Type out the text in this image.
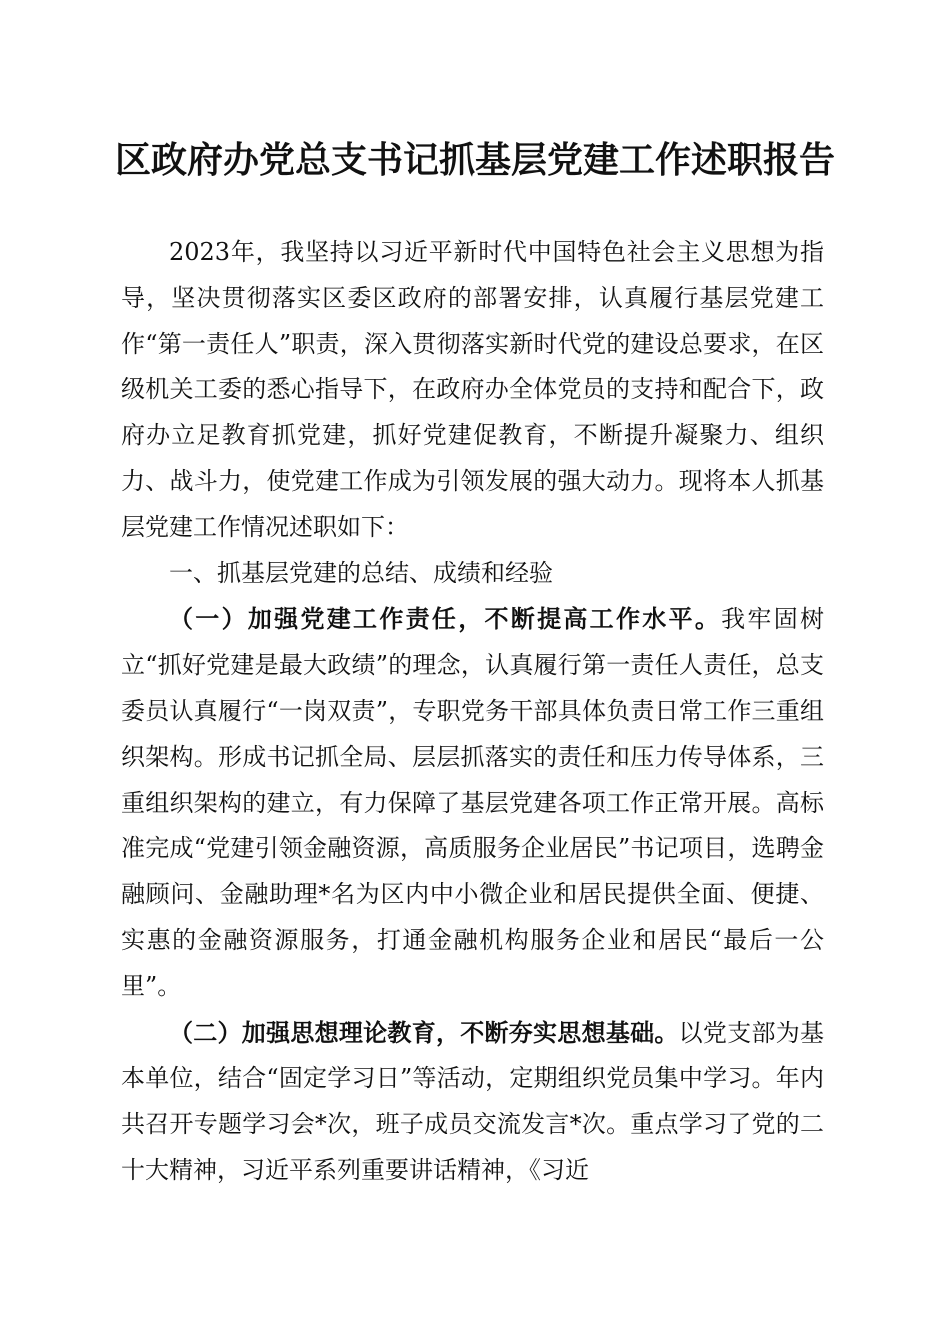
区政府办党总支书记抓基层党建工作述职报告

2023年，我坚持以习近平新时代中国特色社会主义思想为指导，坚决贯彻落实区委区政府的部署安排，认真履行基层党建工作“第一责任人”职责，深入贯彻落实新时代党的建设总要求，在区级机关工委的悉心指导下，在政府办全体党员的支持和配合下，政府办立足教育抓党建，抓好党建促教育，不断提升凝聚力、组织力、战斗力，使党建工作成为引领发展的强大动力。现将本人抓基层党建工作情况述职如下：

一、抓基层党建的总结、成绩和经验

（一）加强党建工作责任，不断提高工作水平。我牢固树立“抓好党建是最大政绩”的理念，认真履行第一责任人责任，总支委员认真履行“一岗双责”，专职党务干部具体负责日常工作三重组织架构。形成书记抓全局、层层抓落实的责任和压力传导体系，三重组织架构的建立，有力保障了基层党建各项工作正常开展。高标准完成“党建引领金融资源，高质服务企业居民”书记项目，选聘金融顾问、金融助理*名为区内中小微企业和居民提供全面、便捷、实惠的金融资源服务，打通金融机构服务企业和居民“最后一公里”。

（二）加强思想理论教育，不断夯实思想基础。以党支部为基本单位，结合“固定学习日”等活动，定期组织党员集中学习。年内共召开专题学习会*次，班子成员交流发言*次。重点学习了党的二十大精神，习近平系列重要讲话精神，《习近
